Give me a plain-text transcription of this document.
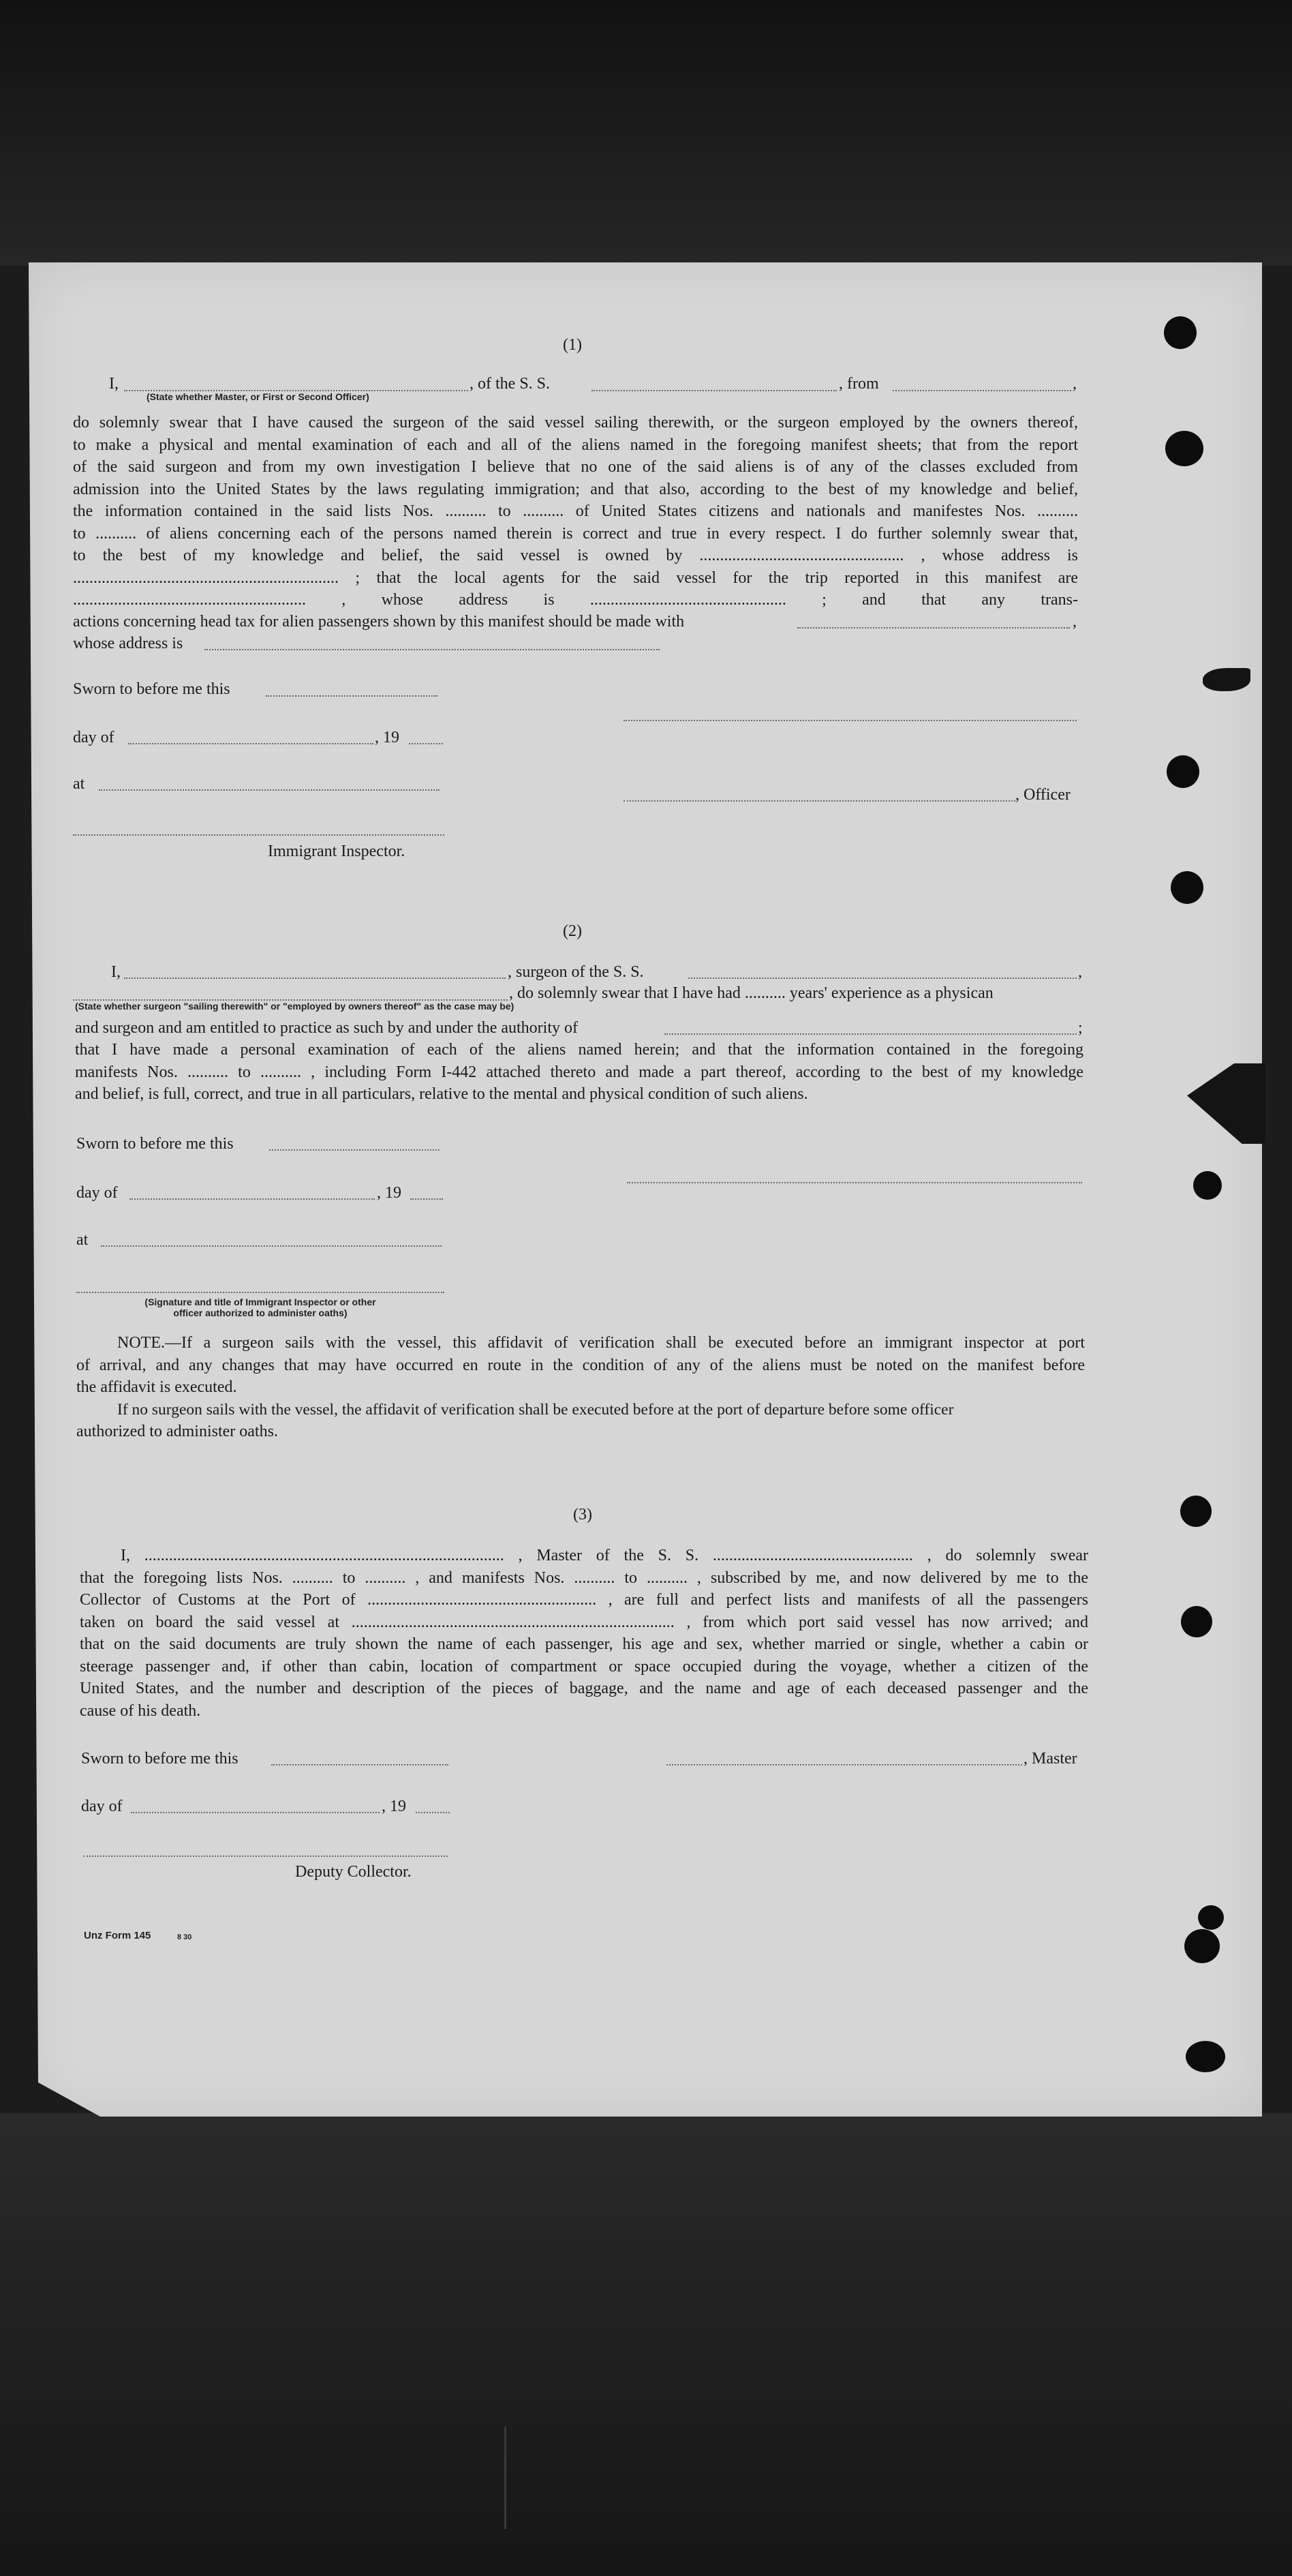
(1)
I,	, of the S. S.	, from	,
(State whether Master, or First or Second Officer)
do solemnly swear that I have caused the surgeon of the said vessel sailing therewith, or the surgeon employed by the owners thereof,
to make a physical and mental examination of each and all of the aliens named in the foregoing manifest sheets; that from the report
of the said surgeon and from my own investigation I believe that no one of the said aliens is of any of the classes excluded from
admission into the United States by the laws regulating immigration; and that also, according to the best of my knowledge and belief,
the information contained in the said lists Nos. .......... to .......... of United States citizens and nationals and manifestes Nos. ..........
to .......... of aliens concerning each of the persons named therein is correct and true in every respect. I do further solemnly swear that,
to the best of my knowledge and belief, the said vessel is owned by .................................................. , whose address is
................................................................. ; that the local agents for the said vessel for the trip reported in this manifest are
......................................................... , whose address is ................................................ ; and that any trans-
actions concerning head tax for alien passengers shown by this manifest should be made with	,
whose address is
Sworn to before me this
day of	, 19
at
, Officer
Immigrant Inspector.
(2)
I,	, surgeon of the S. S.	,
, do solemnly swear that I have had .......... years' experience as a physican
(State whether surgeon "sailing therewith" or "employed by owners thereof" as the case may be)
and surgeon and am entitled to practice as such by and under the authority of	;
that I have made a personal examination of each of the aliens named herein; and that the information contained in the foregoing
manifests Nos. .......... to .......... , including Form I-442 attached thereto and made a part thereof, according to the best of my knowledge
and belief, is full, correct, and true in all particulars, relative to the mental and physical condition of such aliens.
Sworn to before me this
day of	, 19
at
(Signature and title of Immigrant Inspector or other
officer authorized to administer oaths)
NOTE.—If a surgeon sails with the vessel, this affidavit of verification shall be executed before an immigrant inspector at port
of arrival, and any changes that may have occurred en route in the condition of any of the aliens must be noted on the manifest before
the affidavit is executed.
If no surgeon sails with the vessel, the affidavit of verification shall be executed before at the port of departure before some officer
authorized to administer oaths.
(3)
I, ........................................................................................ , Master of the S. S. ................................................. , do solemnly swear
that the foregoing lists Nos. .......... to .......... , and manifests Nos. .......... to .......... , subscribed by me, and now delivered by me to the
Collector of Customs at the Port of ........................................................ , are full and perfect lists and manifests of all the passengers
taken on board the said vessel at ............................................................................... , from which port said vessel has now arrived; and
that on the said documents are truly shown the name of each passenger, his age and sex, whether married or single, whether a cabin or
steerage passenger and, if other than cabin, location of compartment or space occupied during the voyage, whether a citizen of the
United States, and the number and description of the pieces of baggage, and the name and age of each deceased passenger and the
cause of his death.
Sworn to before me this	, Master
day of	, 19
Deputy Collector.
Unz Form 145	8 30
